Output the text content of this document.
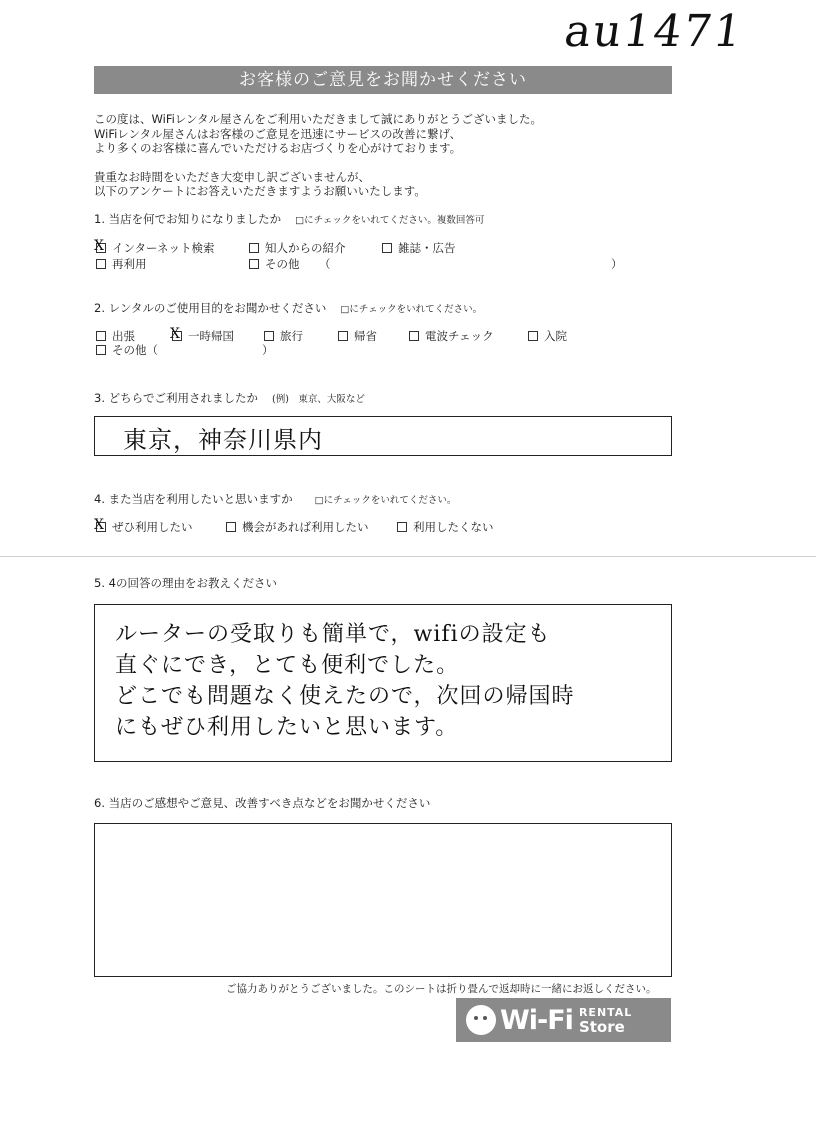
au1471
お客様のご意見をお聞かせください

この度は、WiFiレンタル屋さんをご利用いただきまして誠にありがとうございました。

WiFiレンタル屋さんはお客様のご意見を迅速にサービスの改善に繋げ、

より多くのお客様に喜んでいただけるお店づくりを心がけております。

貴重なお時間をいただき大変申し訳ございませんが、

以下のアンケートにお答えいただきますようお願いいたします。

1. 当店を何でお知りになりましたか □にチェックをいれてください。複数回答可
X
インターネット検索	知人からの紹介	雑誌・広告
再利用	その他 （	）
2. レンタルのご使用目的をお聞かせください □にチェックをいれてください。
出張
X	一時帰国	旅行	帰省	電波チェック	入院
その他（	）
3. どちらでご利用されましたか (例)　東京、大阪など
東京，神奈川県内
4. また当店を利用したいと思いますか □にチェックをいれてください。
X
ぜひ利用したい	機会があれば利用したい	利用したくない
5. 4の回答の理由をお教えください
ルーターの受取りも簡単で，wifiの設定も
直ぐにでき，とても便利でした。
どこでも問題なく使えたので，次回の帰国時
にもぜひ利用したいと思います。
6. 当店のご感想やご意見、改善すべき点などをお聞かせください
ご協力ありがとうございました。このシートは折り畳んで返却時に一緒にお返しください。
Wi-Fi RENTAL
Store
